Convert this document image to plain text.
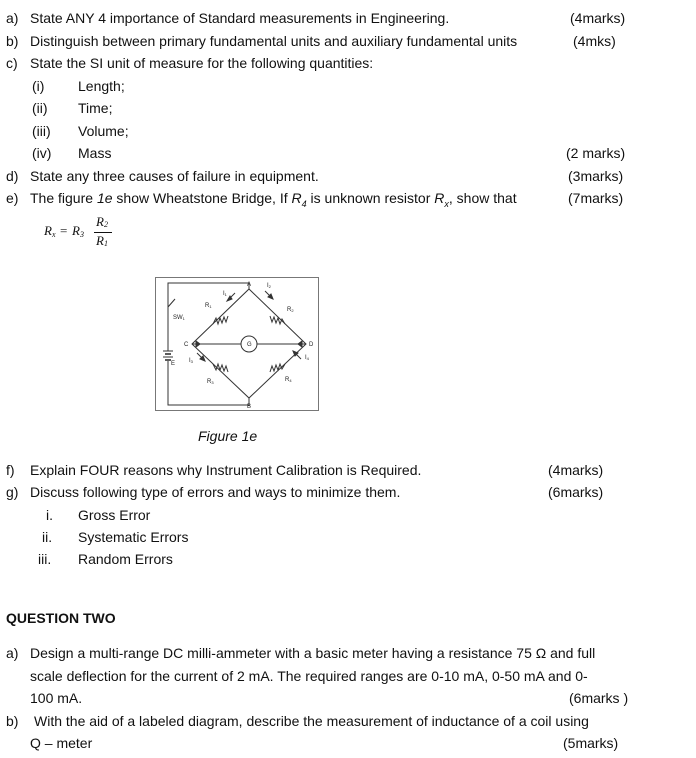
a) State ANY 4 importance of Standard measurements in Engineering.	(4marks)
b) Distinguish between primary fundamental units and auxiliary fundamental units	(4mks)
c) State the SI unit of measure for the following quantities:
(i) Length;
(ii) Time;
(iii) Volume;
(iv) Mass	(2 marks)
d) State any three causes of failure in equipment.	(3marks)
e) The figure 1e show Wheatstone Bridge, If $R_4$ is unknown resistor $R_x$, show that	(7marks)
R x = R 3
R 2
R 1
A
B
C	D
G
E
SW1
R1
R2
R3	R4
I1
I2
I3
I4
Figure 1e
f) Explain FOUR reasons why Instrument Calibration is Required.	(4marks)
g) Discuss following type of errors and ways to minimize them.	(6marks)
i. Gross Error
ii. Systematic Errors
iii. Random Errors
QUESTION TWO
a) Design a multi-range DC milli-ammeter with a basic meter having a resistance 75 Ω and full
scale deflection for the current of 2 mA. The required ranges are 0-10 mA, 0-50 mA and 0-
100 mA.	(6marks )
b) With the aid of a labeled diagram, describe the measurement of inductance of a coil using
Q – meter	(5marks)
